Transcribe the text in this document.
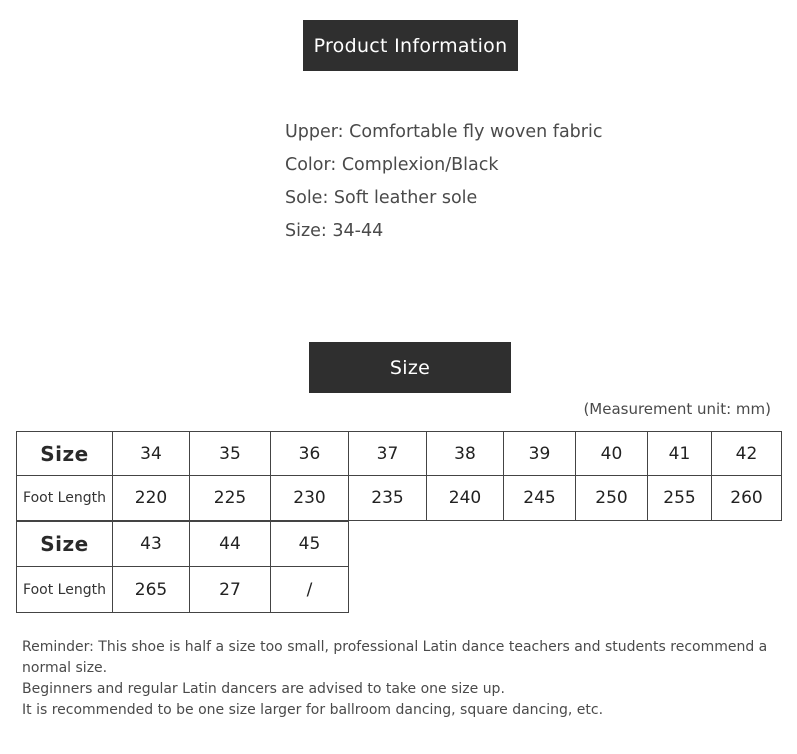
Product Information
Upper: Comfortable fly woven fabric
Color: Complexion/Black
Sole: Soft leather sole
Size: 34-44
Size
(Measurement unit: mm)
Size	34	35	36	37	38	39	40	41	42
Foot Length	220	225	230	235	240	245	250	255	260
Size	43	44	45
Foot Length	265	27	/

Reminder: This shoe is half a size too small, professional Latin dance teachers and students recommend a normal size.

Beginners and regular Latin dancers are advised to take one size up.

It is recommended to be one size larger for ballroom dancing, square dancing, etc.
